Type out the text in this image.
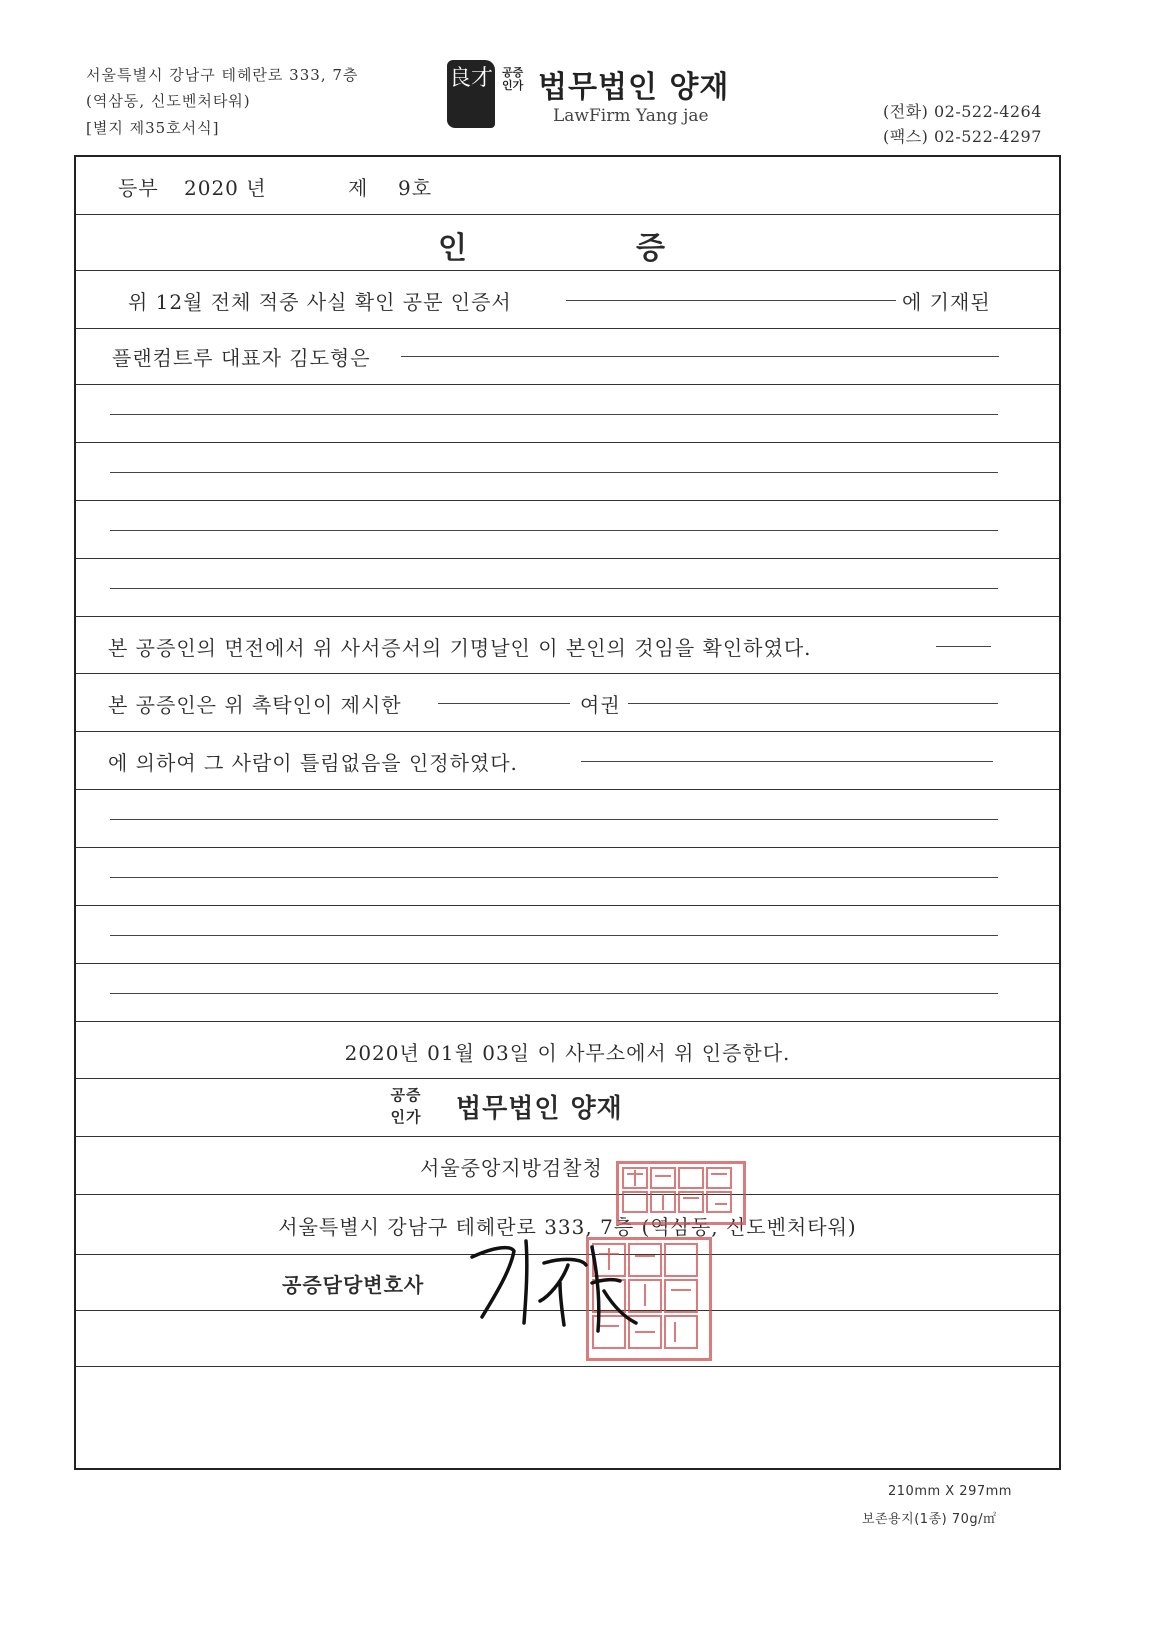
서울특별시 강남구 테헤란로 333, 7층
(역삼동, 신도벤처타워)
[별지 제35호서식]
良才 공증인가 법무법인 양재
LawFirm Yang jae	(전화) 02-522-4264
(팩스) 02-522-4297
등부 2020 년	제 9호
인	증
위 12월 전체 적중 사실 확인 공문 인증서	에 기재된
플랜컴트루 대표자 김도형은
본 공증인의 면전에서 위 사서증서의 기명날인 이 본인의 것임을 확인하였다.
본 공증인은 위 촉탁인이 제시한	여권
에 의하여 그 사람이 틀림없음을 인정하였다.
2020년 01월 03일 이 사무소에서 위 인증한다.
공증 인가 법무법인 양재
서울중앙지방검찰청
서울특별시 강남구 테헤란로 333, 7층 (역삼동, 신도벤처타워)
공증담당변호사
210mm X 297mm
보존용지(1종) 70g/㎡
